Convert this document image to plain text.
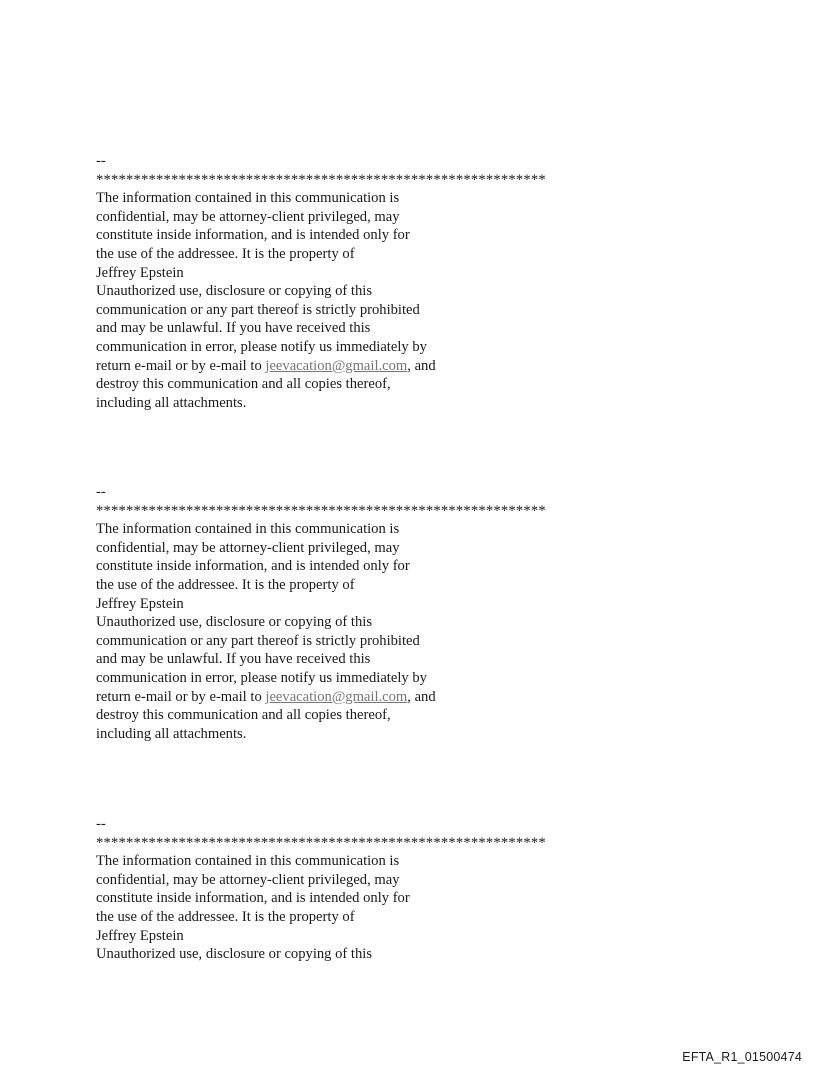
--
************************************************************
The information contained in this communication is
confidential, may be attorney-client privileged, may
constitute inside information, and is intended only for
the use of the addressee. It is the property of
Jeffrey Epstein
Unauthorized use, disclosure or copying of this
communication or any part thereof is strictly prohibited
and may be unlawful. If you have received this
communication in error, please notify us immediately by
return e-mail or by e-mail to jeevacation@gmail.com, and
destroy this communication and all copies thereof,
including all attachments.
--
************************************************************
The information contained in this communication is
confidential, may be attorney-client privileged, may
constitute inside information, and is intended only for
the use of the addressee. It is the property of
Jeffrey Epstein
Unauthorized use, disclosure or copying of this
communication or any part thereof is strictly prohibited
and may be unlawful. If you have received this
communication in error, please notify us immediately by
return e-mail or by e-mail to jeevacation@gmail.com, and
destroy this communication and all copies thereof,
including all attachments.
--
************************************************************
The information contained in this communication is
confidential, may be attorney-client privileged, may
constitute inside information, and is intended only for
the use of the addressee. It is the property of
Jeffrey Epstein
Unauthorized use, disclosure or copying of this
EFTA_R1_01500474
